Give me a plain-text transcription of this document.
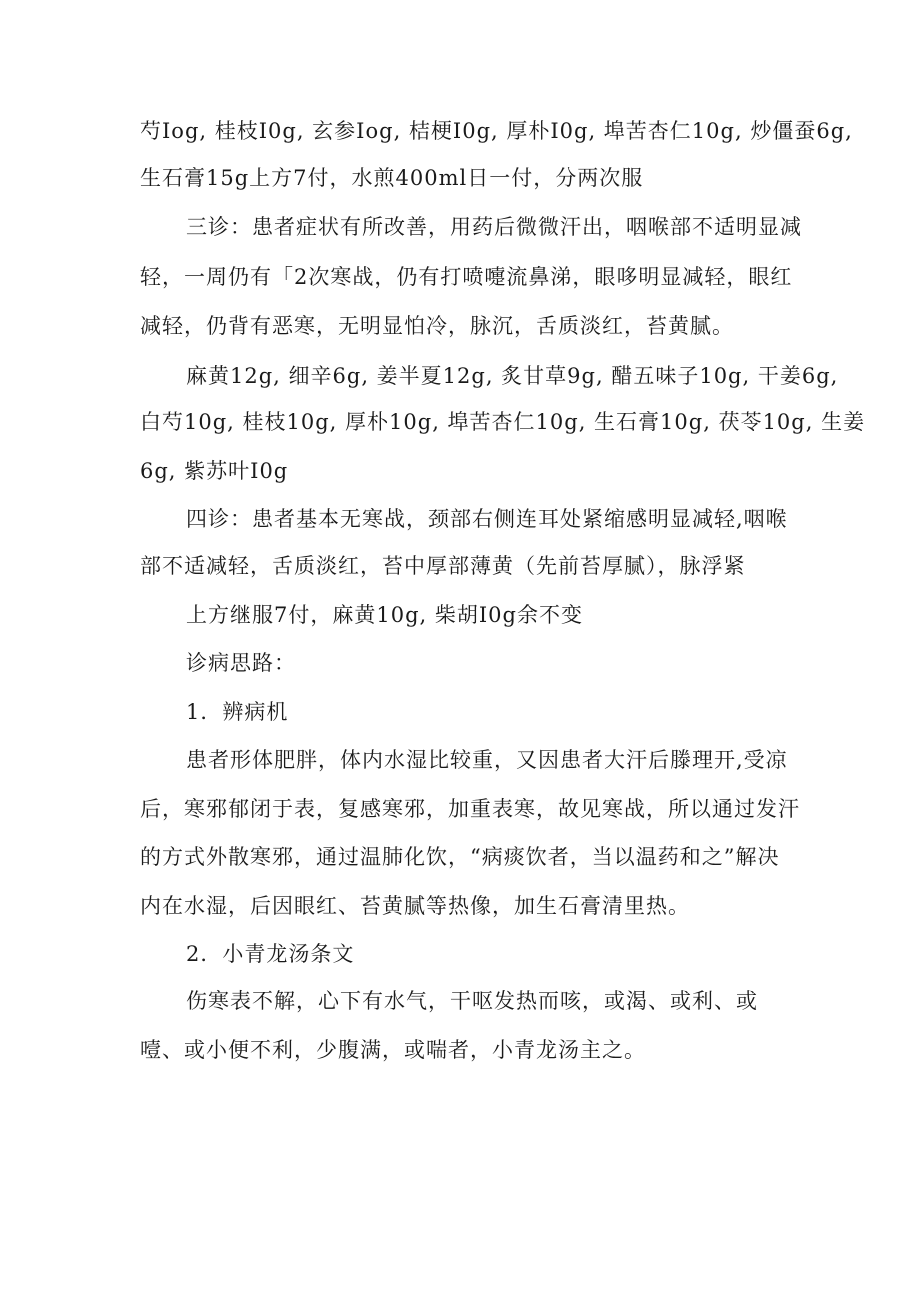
芍Iog, 桂枝I0g, 玄参Iog, 桔梗I0g, 厚朴I0g, 埠苦杏仁10g, 炒僵蚕6g,

生石膏15g上方7付，水煎400ml日一付，分两次服

三诊：患者症状有所改善，用药后微微汗出，咽喉部不适明显减

轻，一周仍有「2次寒战，仍有打喷嚏流鼻涕，眼哆明显减轻，眼红

减轻，仍背有恶寒，无明显怕冷，脉沉，舌质淡红，苔黄腻。

麻黄12g, 细辛6g, 姜半夏12g, 炙甘草9g, 醋五味子10g, 干姜6g,

白芍10g, 桂枝10g, 厚朴10g, 埠苦杏仁10g, 生石膏10g, 茯苓10g, 生姜

6g, 紫苏叶I0g

四诊：患者基本无寒战，颈部右侧连耳处紧缩感明显减轻,咽喉

部不适减轻，舌质淡红，苔中厚部薄黄（先前苔厚腻），脉浮紧

上方继服7付，麻黄10g, 柴胡I0g余不变

诊病思路：

1．辨病机

患者形体肥胖，体内水湿比较重，又因患者大汗后滕理开,受凉

后，寒邪郁闭于表，复感寒邪，加重表寒，故见寒战，所以通过发汗

的方式外散寒邪，通过温肺化饮，“病痰饮者，当以温药和之”解决

内在水湿，后因眼红、苔黄腻等热像，加生石膏清里热。

2．小青龙汤条文

伤寒表不解，心下有水气，干呕发热而咳，或渴、或利、或

噎、或小便不利，少腹满，或喘者，小青龙汤主之。
